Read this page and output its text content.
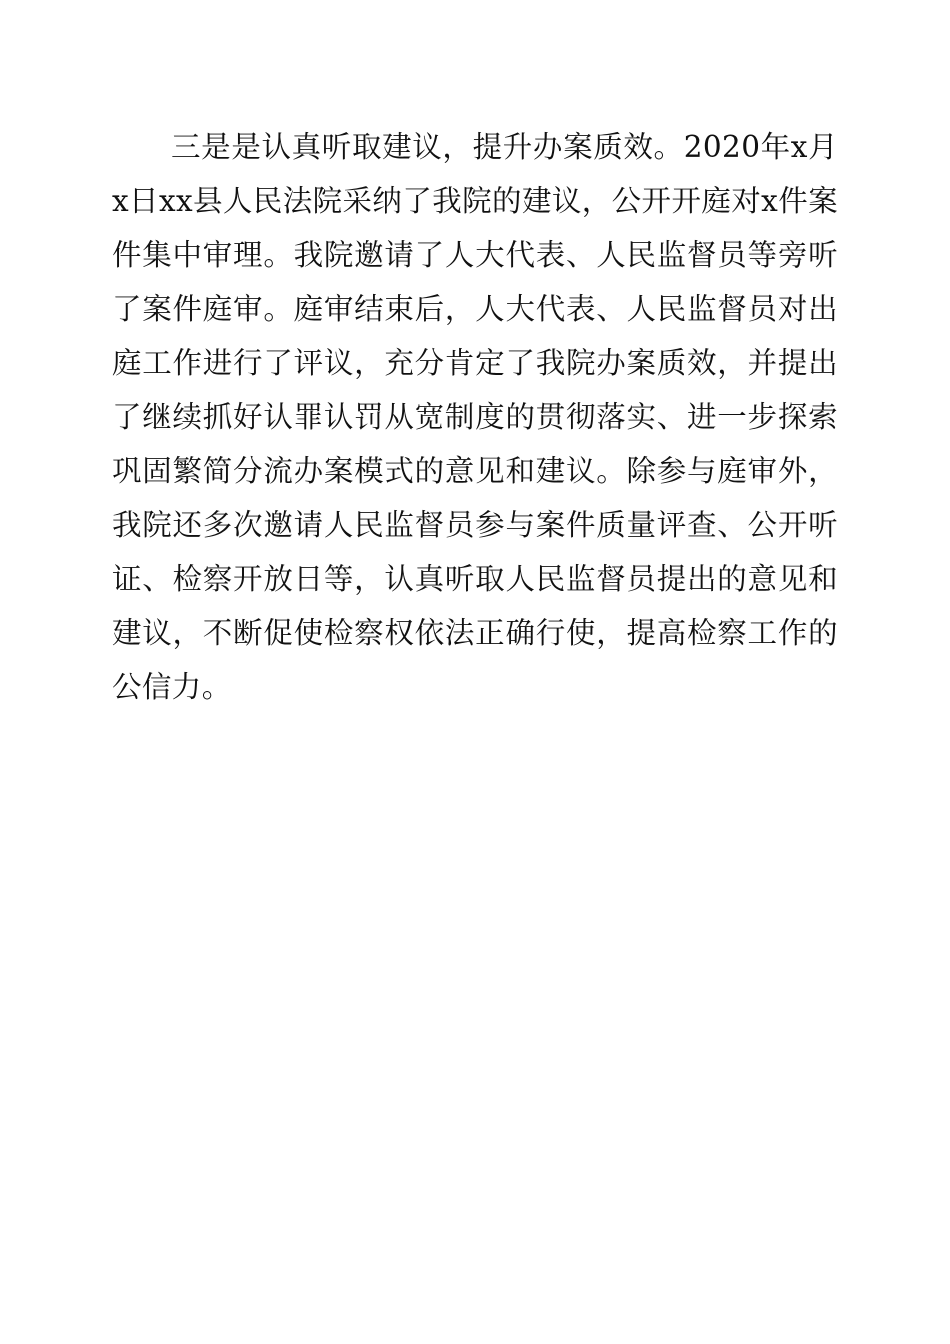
三是是认真听取建议，提升办案质效。2020年x月x日xx县人民法院采纳了我院的建议，公开开庭对x件案件集中审理。我院邀请了人大代表、人民监督员等旁听了案件庭审。庭审结束后，人大代表、人民监督员对出庭工作进行了评议，充分肯定了我院办案质效，并提出了继续抓好认罪认罚从宽制度的贯彻落实、进一步探索巩固繁简分流办案模式的意见和建议。除参与庭审外，我院还多次邀请人民监督员参与案件质量评查、公开听证、检察开放日等，认真听取人民监督员提出的意见和建议，不断促使检察权依法正确行使，提高检察工作的公信力。
